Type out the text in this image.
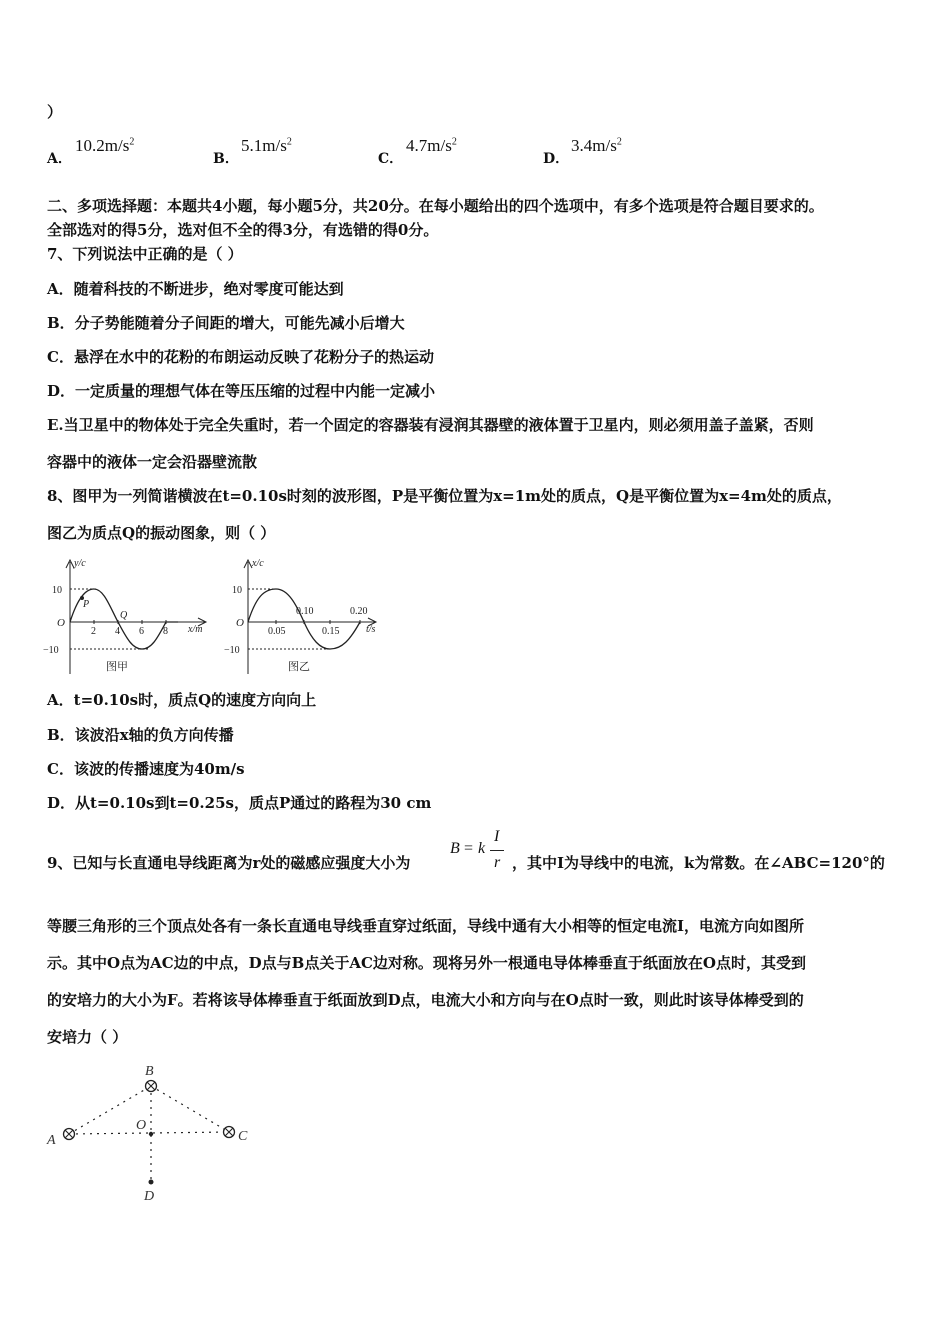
）
A．
$10.2m/s^2$
B．
$5.1m/s^2$
C．
$4.7m/s^2$
D．
$3.4m/s^2$
二、多项选择题：本题共4小题，每小题5分，共20分。在每小题给出的四个选项中，有多个选项是符合题目要求的。
全部选对的得5分，选对但不全的得3分，有选错的得0分。
7、下列说法中正确的是（ ）
A．随着科技的不断进步，绝对零度可能达到
B．分子势能随着分子间距的增大，可能先减小后增大
C．悬浮在水中的花粉的布朗运动反映了花粉分子的热运动
D．一定质量的理想气体在等压压缩的过程中内能一定减小
E.当卫星中的物体处于完全失重时，若一个固定的容器装有浸润其器壁的液体置于卫星内，则必须用盖子盖紧，否则
容器中的液体一定会沿器壁流散
8、图甲为一列简谐横波在t=0.10s时刻的波形图，P是平衡位置为x=1m处的质点，Q是平衡位置为x=4m处的质点，
图乙为质点Q的振动图象，则（ ）
y/c
x/m
O
10
−10
2 4 6 8
P
Q
图甲
x/c
t/s
O
10
−10
0.05	0.15
0.10	0.20
图乙
A．t=0.10s时，质点Q的速度方向向上
B．该波沿x轴的负方向传播
C．该波的传播速度为40m/s
D．从t=0.10s到t=0.25s，质点P通过的路程为30 cm
9、已知与长直通电导线距离为r处的磁感应强度大小为
B = k
I
r ，其中I为导线中的电流，k为常数。在∠ABC=120°的
等腰三角形的三个顶点处各有一条长直通电导线垂直穿过纸面，导线中通有大小相等的恒定电流I，电流方向如图所
示。其中O点为AC边的中点，D点与B点关于AC边对称。现将另外一根通电导体棒垂直于纸面放在O点时，其受到
的安培力的大小为F。若将该导体棒垂直于纸面放到D点，电流大小和方向与在O点时一致，则此时该导体棒受到的
安培力（ ）
B
A	C
O
D
